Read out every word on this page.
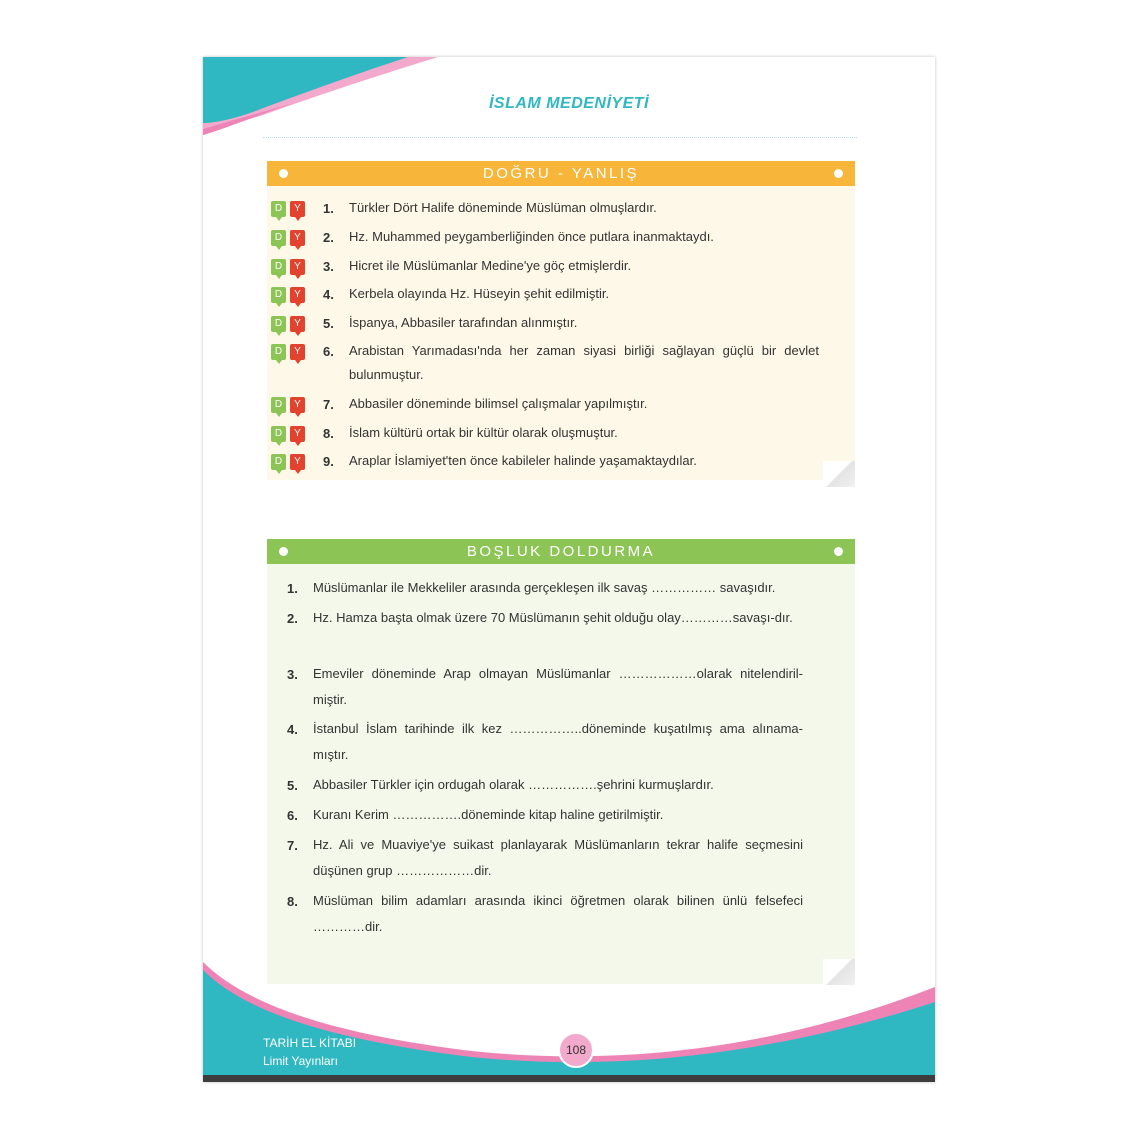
İSLAM MEDENİYETİ
DOĞRU - YANLIŞ
D Y	1.	Türkler Dört Halife döneminde Müslüman olmuşlardır.
D Y	2.	Hz. Muhammed peygamberliğinden önce putlara inanmaktaydı.
D Y	3.	Hicret ile Müslümanlar Medine'ye göç etmişlerdir.
D Y	4.	Kerbela olayında Hz. Hüseyin şehit edilmiştir.
D Y	5.	İspanya, Abbasiler tarafından alınmıştır.
D Y	6.	Arabistan Yarımadası'nda her zaman siyasi birliği sağlayan güçlü bir devlet bulunmuştur.
D Y	7.	Abbasiler döneminde bilimsel çalışmalar yapılmıştır.
D Y	8.	İslam kültürü ortak bir kültür olarak oluşmuştur.
D Y	9.	Araplar İslamiyet'ten önce kabileler halinde yaşamaktaydılar.
BOŞLUK DOLDURMA
1.	Müslümanlar ile Mekkeliler arasında gerçekleşen ilk savaş …………… savaşıdır.
2.	Hz. Hamza başta olmak üzere 70 Müslümanın şehit olduğu olay…………savaşı-dır.
3.	Emeviler döneminde Arap olmayan Müslümanlar ………………olarak nitelendiril-miştir.
4.	İstanbul İslam tarihinde ilk kez ……………..döneminde kuşatılmış ama alınama-mıştır.
5.	Abbasiler Türkler için ordugah olarak …………….şehrini kurmuşlardır.
6.	Kuranı Kerim …………….döneminde kitap haline getirilmiştir.
7.	Hz. Ali ve Muaviye'ye suikast planlayarak Müslümanların tekrar halife seçmesini düşünen grup ………………dir.
8.	Müslüman bilim adamları arasında ikinci öğretmen olarak bilinen ünlü felsefeci …………dir.
TARİH EL KİTABI
Limit Yayınları
108
